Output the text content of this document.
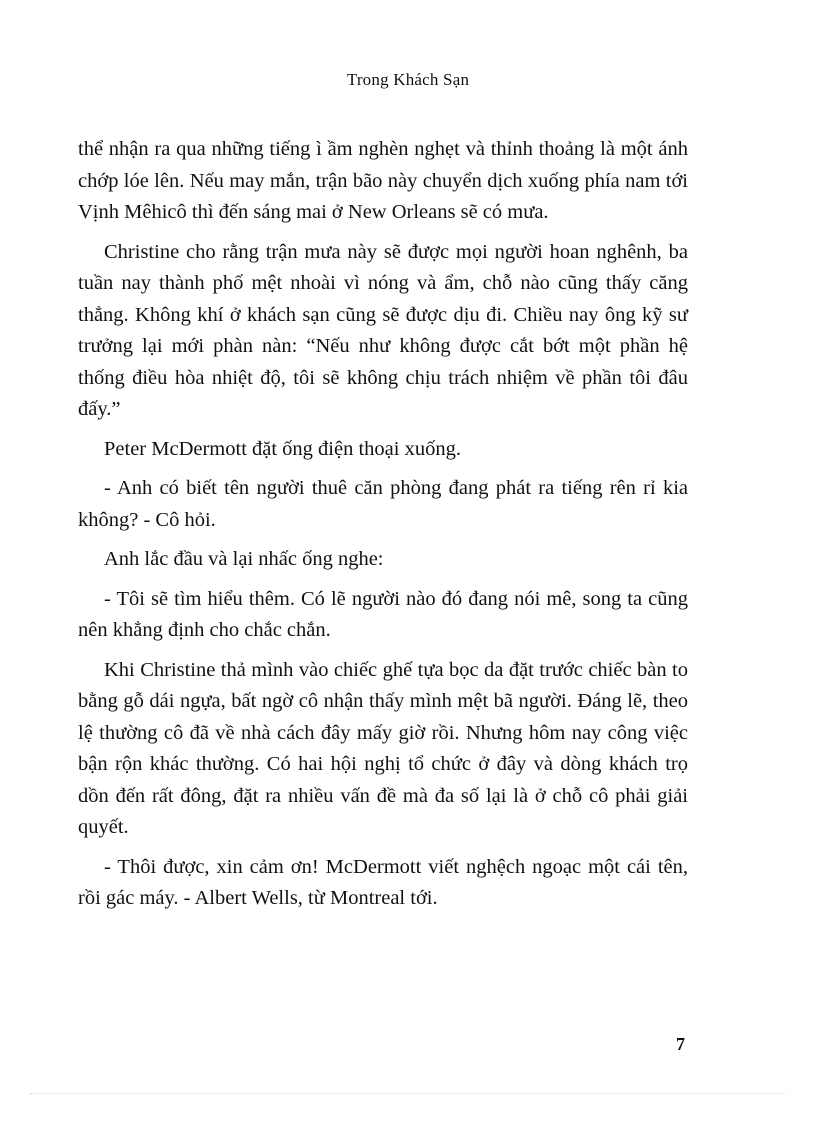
Trong Khách Sạn

thể nhận ra qua những tiếng ì ầm nghèn nghẹt và thỉnh thoảng là một ánh chớp lóe lên. Nếu may mắn, trận bão này chuyển dịch xuống phía nam tới Vịnh Mêhicô thì đến sáng mai ở New Orleans sẽ có mưa.

Christine cho rằng trận mưa này sẽ được mọi người hoan nghênh, ba tuần nay thành phố mệt nhoài vì nóng và ẩm, chỗ nào cũng thấy căng thẳng. Không khí ở khách sạn cũng sẽ được dịu đi. Chiều nay ông kỹ sư trưởng lại mới phàn nàn: “Nếu như không được cắt bớt một phần hệ thống điều hòa nhiệt độ, tôi sẽ không chịu trách nhiệm về phần tôi đâu đấy.”

Peter McDermott đặt ống điện thoại xuống.

- Anh có biết tên người thuê căn phòng đang phát ra tiếng rên rỉ kia không? - Cô hỏi.

Anh lắc đầu và lại nhấc ống nghe:

- Tôi sẽ tìm hiểu thêm. Có lẽ người nào đó đang nói mê, song ta cũng nên khẳng định cho chắc chắn.

Khi Christine thả mình vào chiếc ghế tựa bọc da đặt trước chiếc bàn to bằng gỗ dái ngựa, bất ngờ cô nhận thấy mình mệt bã người. Đáng lẽ, theo lệ thường cô đã về nhà cách đây mấy giờ rồi. Nhưng hôm nay công việc bận rộn khác thường. Có hai hội nghị tổ chức ở đây và dòng khách trọ dồn đến rất đông, đặt ra nhiều vấn đề mà đa số lại là ở chỗ cô phải giải quyết.

- Thôi được, xin cảm ơn! McDermott viết nghệch ngoạc một cái tên, rồi gác máy. - Albert Wells, từ Montreal tới.

7
